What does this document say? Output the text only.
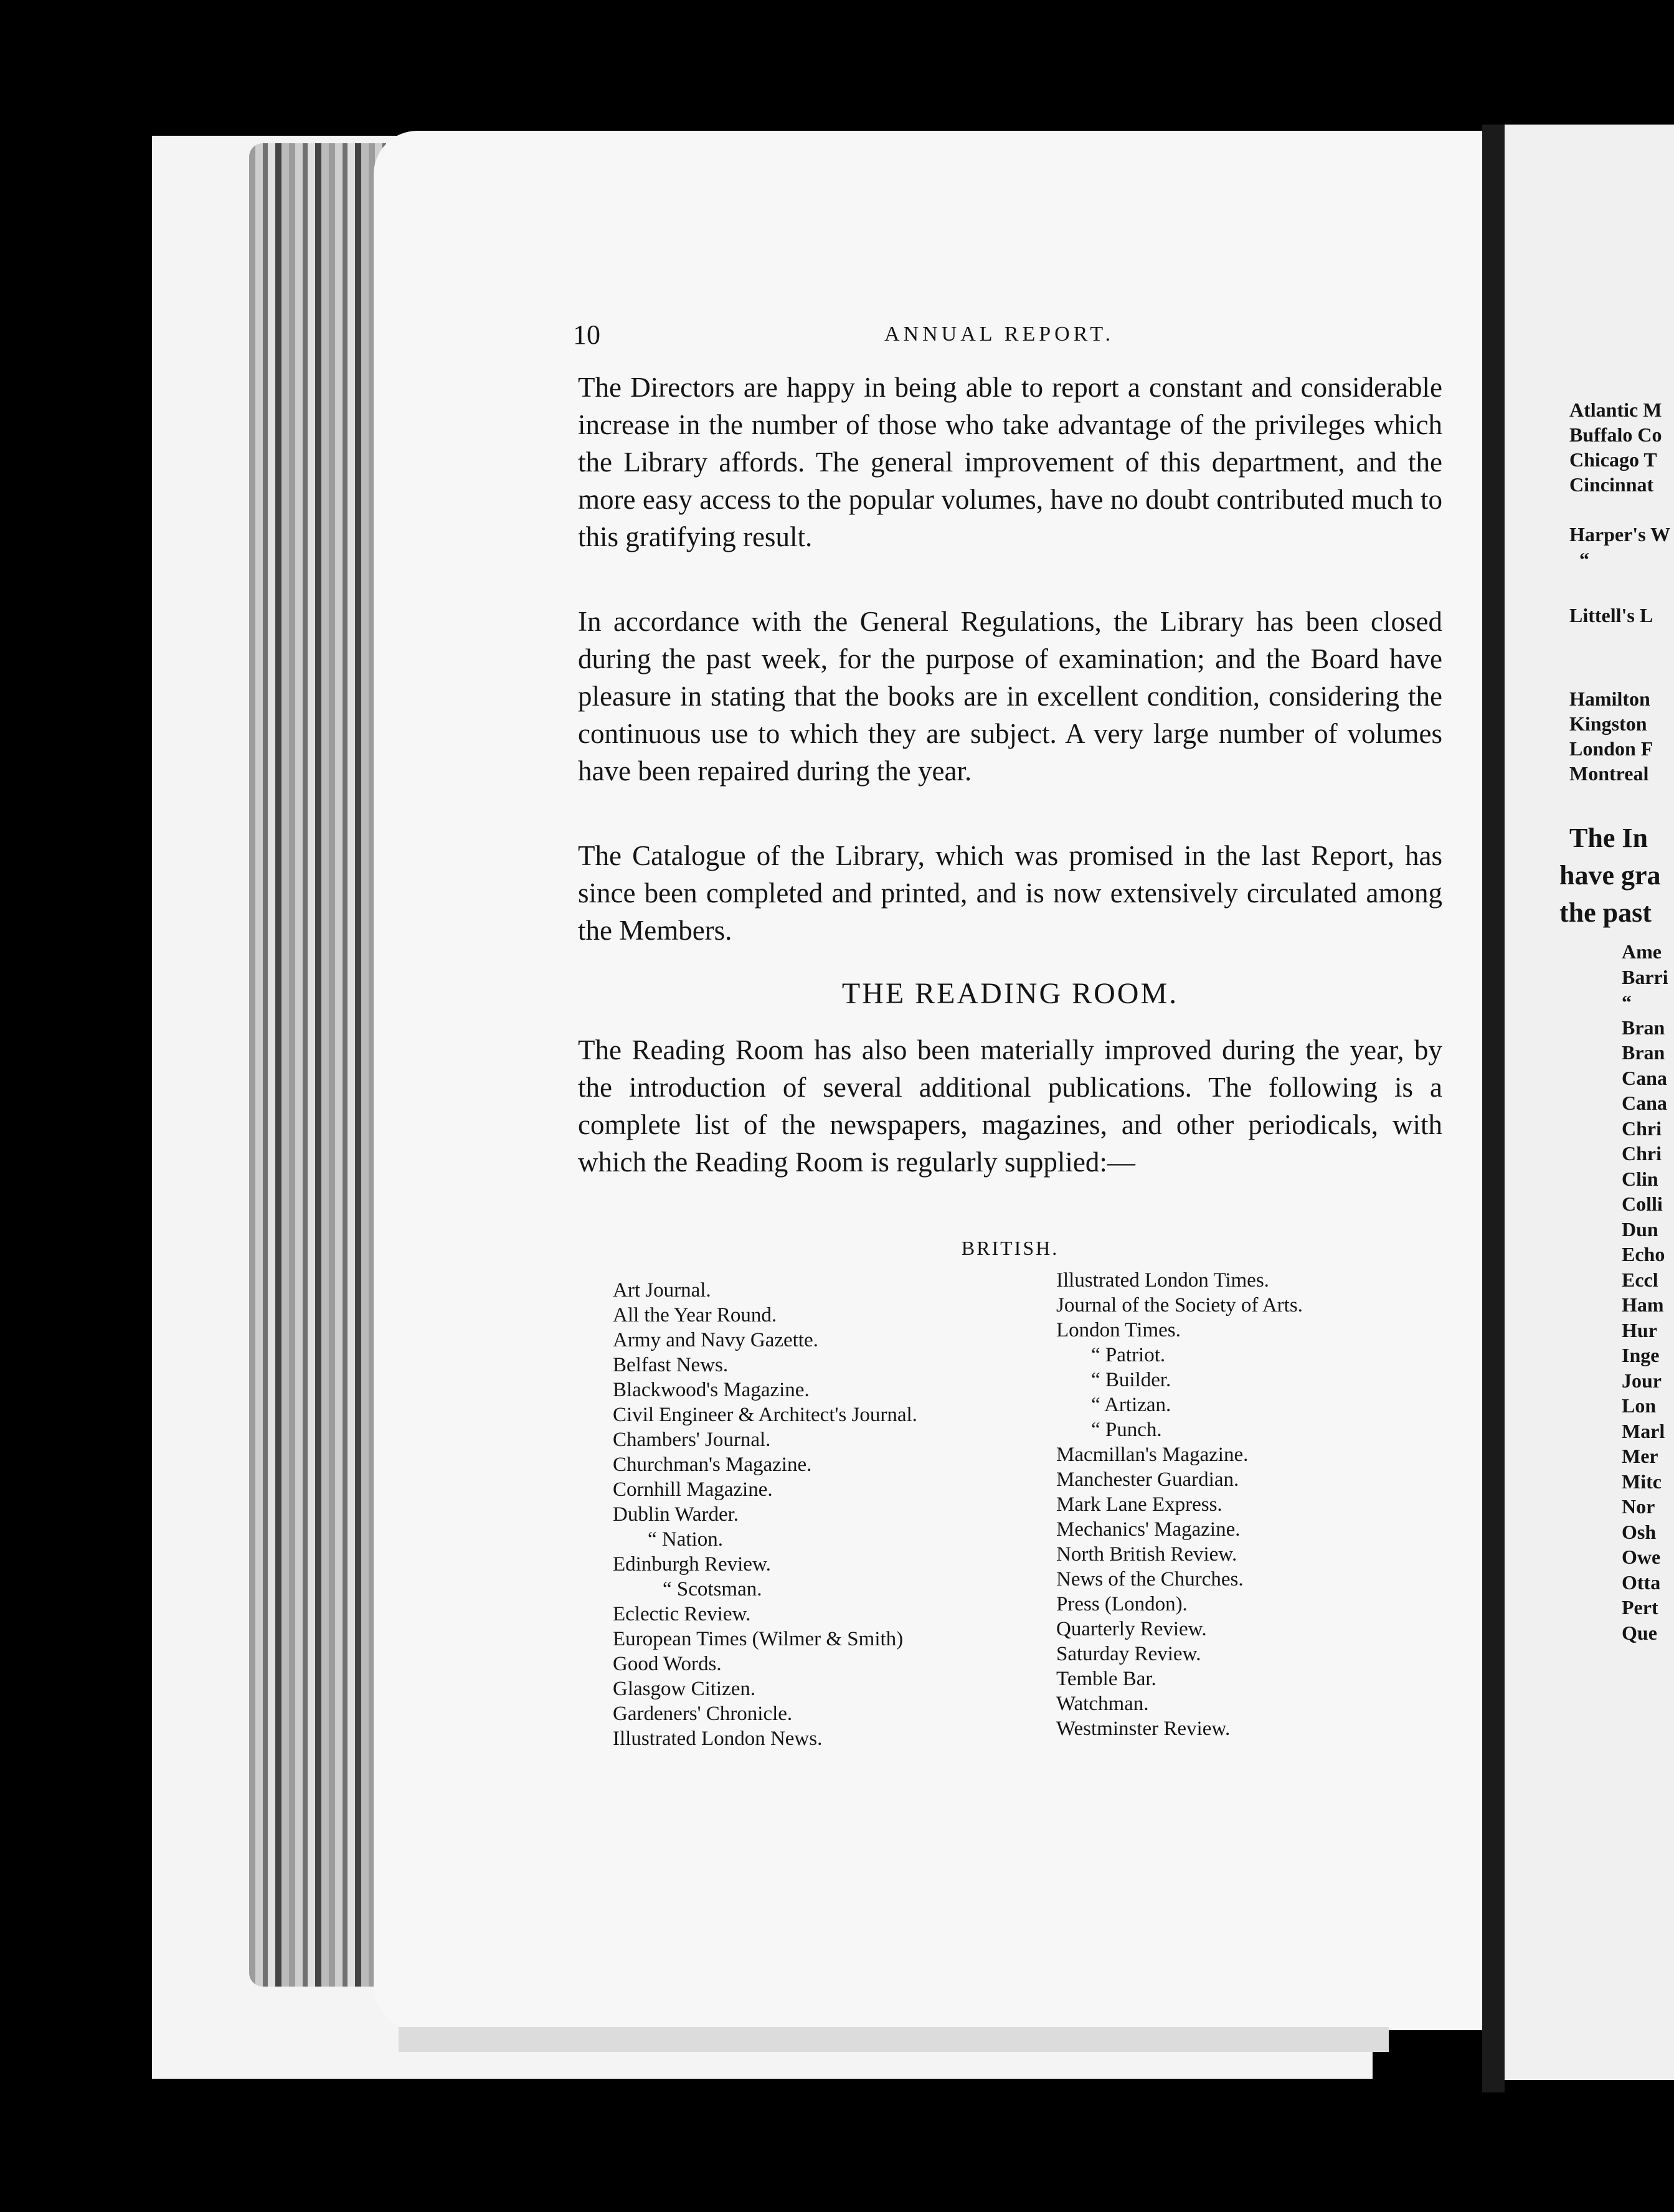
10	ANNUAL REPORT.

The Directors are happy in being able to report a constant and considerable increase in the number of those who take advantage of the privileges which the Library affords. The general improvement of this department, and the more easy access to the popular volumes, have no doubt contributed much to this gratifying result.

In accordance with the General Regulations, the Library has been closed during the past week, for the purpose of examination; and the Board have pleasure in stating that the books are in excellent condition, considering the continuous use to which they are subject. A very large number of volumes have been repaired during the year.

The Catalogue of the Library, which was promised in the last Report, has since been completed and printed, and is now extensively circulated among the Members.

THE READING ROOM.

The Reading Room has also been materially improved during the year, by the introduction of several additional publications. The following is a complete list of the newspapers, magazines, and other periodicals, with which the Reading Room is regularly supplied:—

BRITISH.
Art Journal.
All the Year Round.
Army and Navy Gazette.
Belfast News.
Blackwood's Magazine.
Civil Engineer & Architect's Journal.
Chambers' Journal.
Churchman's Magazine.
Cornhill Magazine.
Dublin Warder.
“ Nation.
Edinburgh Review.
“ Scotsman.
Eclectic Review.
European Times (Wilmer & Smith)
Good Words.
Glasgow Citizen.
Gardeners' Chronicle.
Illustrated London News.
Illustrated London Times.
Journal of the Society of Arts.
London Times.
“ Patriot.
“ Builder.
“ Artizan.
“ Punch.
Macmillan's Magazine.
Manchester Guardian.
Mark Lane Express.
Mechanics' Magazine.
North British Review.
News of the Churches.
Press (London).
Quarterly Review.
Saturday Review.
Temble Bar.
Watchman.
Westminster Review.
Atlantic M
Buffalo Co
Chicago T
Cincinnat
Harper's W
“
Littell's L
Hamilton
Kingston
London F
Montreal
The In
have gra
the past
Ame
Barri
“
Bran
Bran
Cana
Cana
Chri
Chri
Clin
Colli
Dun
Echo
Eccl
Ham
Hur
Inge
Jour
Lon
Marl
Mer
Mitc
Nor
Osh
Owe
Otta
Pert
Que
